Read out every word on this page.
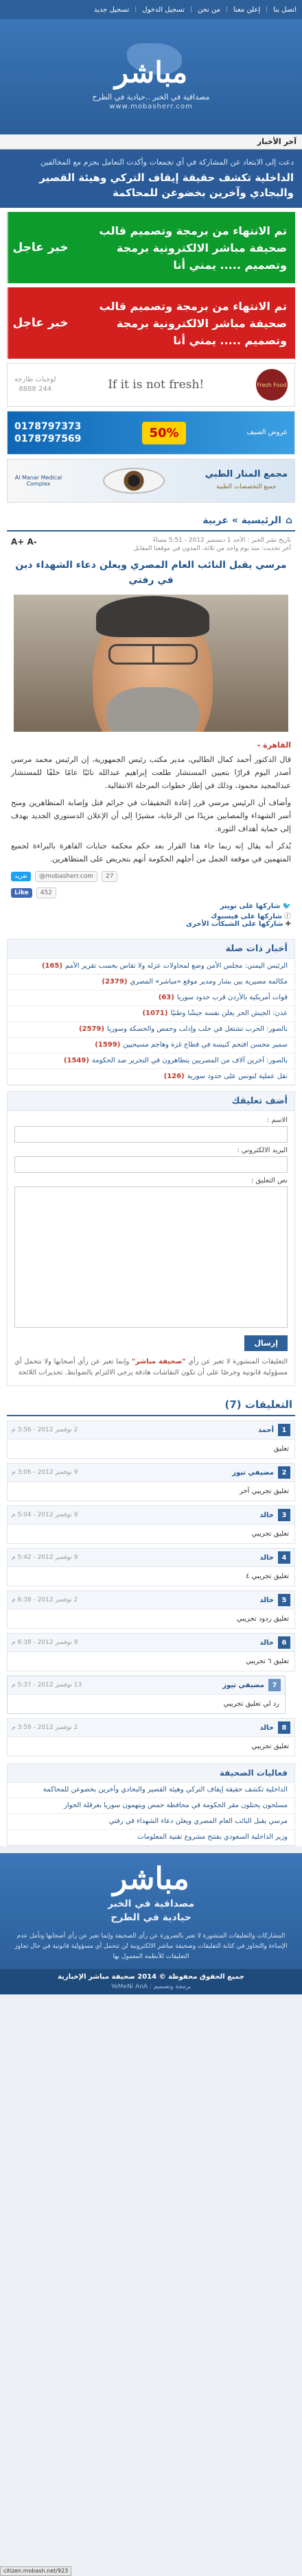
اتصل بنا
|
إعلن معنا
|
من نحن
|
تسجيل الدخول
|
تسجيل جديد
مباشر
مصداقية في الخبر ..حيادية في الطرح
www.mobasherr.com
آخر الأخبار
دعت إلى الابتعاد عن المشاركة في أي تجمعات وأكدت التعامل بحزم مع المخالفين
الداخلية تكشف حقيقة إيقاف التركي وهيئة القصير والبجادي وآخرين بخضوعن للمحاكمة
تم الانتهاء من برمجة وتصميم قالب صحيفة مباشر الالكترونية برمجة وتصميم ..... يمني أنا
خبر عاجل
تم الانتهاء من برمجة وتصميم قالب صحيفة مباشر الالكترونية برمجة وتصميم ..... يمني أنا
خبر عاجل
Fresh Food
If it is not fresh!
لوجبات طازجة
244 8888
عروض الصيف
50%
0178797373
0178797569
مجمع المنار الطبي
جميع التخصصات الطبية
Al Manar Medical Complex
⌂
الرئيسية » عربية
A+ A-	تاريخ نشر الخبر : الأحد 1 ديسمبر 2012 - 5:51 مساءً
آخر تحديث: منذ يوم واحد من ثلاثة، المدون في موقعنا المقابل
مرسي يقبل النائب العام المصري ويعلن دعاء الشهداء دين في رفتي
القاهرة -

قال الدكتور أحمد كمال الطالبي، مدير مكتب رئيس الجمهورية، إن الرئيس محمد مرسي أصدر اليوم قرارًا بتعيين المستشار طلعت إبراهيم عبدالله نائبًا عامًا خلفًا للمستشار عبدالمجيد محمود، وذلك في إطار خطوات المرحلة الانتقالية.

وأضاف أن الرئيس مرسي قرر إعادة التحقيقات في جرائم قتل وإصابة المتظاهرين ومنح أسر الشهداء والمصابين مزيدًا من الرعاية، مشيرًا إلى أن الإعلان الدستوري الجديد يهدف إلى حماية أهداف الثورة.

يُذكر أنه يقال إنه ربما جاء هذا القرار بعد حكم محكمة جنايات القاهرة بالبراءة لجميع المتهمين في موقعة الجمل من أجلهم الحكومة أنهم بتحريض على المتظاهرين.

27
@mobasherr.com
تغريد
452
Like
🐦 شاركها على تويتر
ⓕ شاركها على فيسبوك
✚ شاركها على الشبكات الأخرى
أخبار ذات صلة
الرئيس اليمني: مجلس الأمن وضع لمحاولات عزله ولا تقاس بحسب تقرير الأمم(165)
مكالمة مصيرية بين بشار ومدير موقع «مباشر» المصري(2379)
قوات أمريكية بالأردن قرب حدود سوريا(63)
عدن: الجيش الحر يعلن نفسه جيشًا وطنيًا(1071)
بالصور: الحرب تشتعل في حلب وإدلب وحمص والحسكة وسوريا(2579)
سمير محسن اقتحم كنيسة في قطاع غزة وهاجم مسيحيين(1599)
بالصور: آخرين آلاف من المصريين يتظاهرون في التحرير ضد الحكومة(1549)
نقل عملية لتونس على حدود سورية(126)
أضف تعليقك
الاسم :
البريد الالكتروني :
نص التعليق :
إرسال
التعليقات المنشورة لا تعبر عن رأي "صحيفة مباشر" وإنما تعبر عن رأي أصحابها ولا نتحمل أي مسؤولية قانونية وحرصًا على أن تكون النقاشات هادفة يرجى الالتزام بالضوابط. تحذيرات اللائحة
التعليقات (7)
1
أحمد
2 نوفمبر 2012 - 3:56 م
تعليق
2
مضيفي تيوز
9 نوفمبر 2012 - 3:06 م
تعليق تجريبي آخر
3
خالد
9 نوفمبر 2012 - 5:04 م
تعليق تجريبي
4
خالد
9 نوفمبر 2012 - 5:42 م
تعليق تجريبي ٤
5
خالد
2 نوفمبر 2012 - 6:38 م
تعليق ردود تجريبي
6
خالد
9 نوفمبر 2012 - 6:38 م
تعليق ٦ تجريبي
7
مضيفي تيوز
13 نوفمبر 2012 - 5:37 م
رد لي تعليق تجريبي
8
خالد
2 نوفمبر 2012 - 3:59 م
تعليق تجريبي
فعاليات الصحيفة
الداخلية تكشف حقيقة إيقاف التركي وهيئة القصير والبجادي وآخرين بخضوعن للمحاكمة
مسلحون يحتلون مقر الحكومة في محافظة حمص ويتهمون سوريا بعرقلة الحوار
مرسي يقبل النائب العام المصري ويعلن دعاء الشهداء في رفتي
وزير الداخلية السعودي يفتتح مشروع تقنية المعلومات
مباشر
مصداقية في الخبر
حيادية في الطرح
المشاركات والتعليقات المنشورة لا تعبر بالضرورة عن رأي الصحيفة وإنما تعبر عن رأي أصحابها ونأمل عدم الإساءة والتجاوز في كتابة التعليقات وصحيفة مباشر الالكترونية لن تتحمل أي مسؤولية قانونية في حال تجاوز التعليقات للأنظمة المعمول بها
جميع الحقوق محفوظة © 2014 صحيفة مباشر الإخبارية
برمجة وتصميم : YeMeNi AnA
citizen.mobash.net/923
